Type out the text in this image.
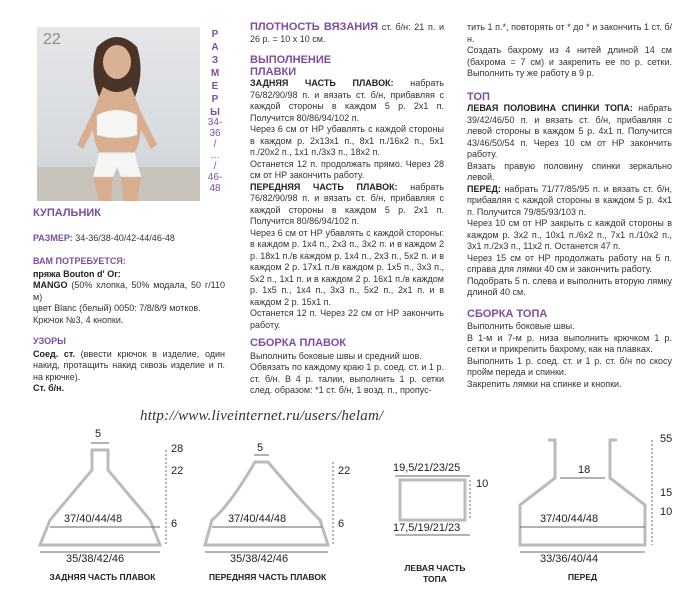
22	Р
А
З
М
Е
Р
Ы
34-
36
/
…
/
46-
48
КУПАЛЬНИК
РАЗМЕР: 34-36/38-40/42-44/46-48
ВАМ ПОТРЕБУЕТСЯ:
пряжа Bouton d' Or:
MANGO (50% хлопка, 50% модала, 50 г/110 м)
цвет Blanc (белый) 0050: 7/8/8/9 мотков.
Крючок №3, 4 кнопки.
УЗОРЫ
Соед. ст. (ввести крючок в изделие, один накид, протащить накид сквозь изделие и п. на крючке).
Ст. б/н.
ПЛОТНОСТЬ ВЯЗАНИЯ ст. б/н: 21 п. и 26 р. = 10 х 10 см.
ВЫПОЛНЕНИЕ
ПЛАВКИ
ЗАДНЯЯ ЧАСТЬ ПЛАВОК: набрать 76/82/90/98 п. и вязать ст. б/н, прибавляя с каждой стороны в каждом 5 р. 2х1 п. Получится 80/86/94/102 п.
Через 6 см от НР убавлять с каждой стороны в каждом р. 2х13х1 п., 8х1 п./16х2 п., 5х1 п./20х2 п., 1х1 п./3х3 п., 18х2 п.
Останется 12 п. продолжать прямо. Через 28 см от НР закончить работу.
ПЕРЕДНЯЯ ЧАСТЬ ПЛАВОК: набрать 76/82/90/98 п. и вязать ст. б/н, прибавляя с каждой стороны в каждом 5 р. 2х1 п. Получится 80/86/94/102 п.
Через 6 см от НР убавлять с каждой стороны: в каждом р. 1х4 п., 2х3 п., 3х2 п. и в каждом 2 р. 18х1 п./в каждом р. 1х4 п., 2х3 п., 5х2 п. и в каждом 2 р. 17х1 п./в каждом р. 1х5 п., 3х3 п., 5х2 п., 1х1 п. и в каждом 2 р. 16х1 п./в каждом р. 1х5 п., 1х4 п., 3х3 п., 5х2 п., 2х1 п. и в каждом 2 р. 15х1 п.
Останется 12 п. Через 22 см от НР закончить работу.
СБОРКА ПЛАВОК
Выполнить боковые швы и средний шов.
Обвязать по каждому краю 1 р. соед. ст. и 1 р. ст. б/н. В 4 р. талии, выполнить 1 р. сетки след. образом: *1 ст. б/н, 1 возд. п., пропус-
тить 1 п.*, повторять от * до * и закончить 1 ст. б/н.
Создать бахрому из 4 нитей длиной 14 см (бахрома = 7 см) и закрепить ее по р. сетки. Выполнить ту же работу в 9 р.
ТОП
ЛЕВАЯ ПОЛОВИНА СПИНКИ ТОПА: набрать 39/42/46/50 п. и вязать ст. б/н, прибавляя с левой стороны в каждом 5 р. 4х1 п. Получится 43/46/50/54 п. Через 10 см от НР закончить работу.
Вязать правую половину спинки зеркально левой.
ПЕРЕД: набрать 71/77/85/95 п. и вязать ст. б/н, прибавляя с каждой стороны в каждом 5 р. 4х1 п. Получится 79/85/93/103 п.
Через 10 см от НР закрыть с каждой стороны в каждом р. 3х2 п., 10х1 п./6х2 п., 7х1 п./10х2 п., 3х1 п./2х3 п., 11х2 п. Останется 47 п.
Через 15 см от НР продолжать работу на 5 п. справа для лямки 40 см и закончить работу.
Подобрать 5 п. слева и выполнить вторую лямку длиной 40 см.
СБОРКА ТОПА
Выполнить боковые швы.
В 1-м и 7-м р. низа выполнить крючком 1 р. сетки и прикрепить бахрому, как на плавках.
Выполнить 1 р. соед. ст. и 1 р. ст. б/н по скосу пройм переда и спинки.
Закрепить лямки на спинке и кнопки.
http://www.liveinternet.ru/users/helam/
5
28
22
37/40/44/48	6
35/38/42/46
ЗАДНЯЯ ЧАСТЬ ПЛАВОК
5
22
37/40/44/48	6
35/38/42/46
ПЕРЕДНЯЯ ЧАСТЬ ПЛАВОК
19,5/21/23/25
10
17,5/19/21/23
ЛЕВАЯ ЧАСТЬ
ТОПА
18
55
15
10
37/40/44/48
33/36/40/44
ПЕРЕД
